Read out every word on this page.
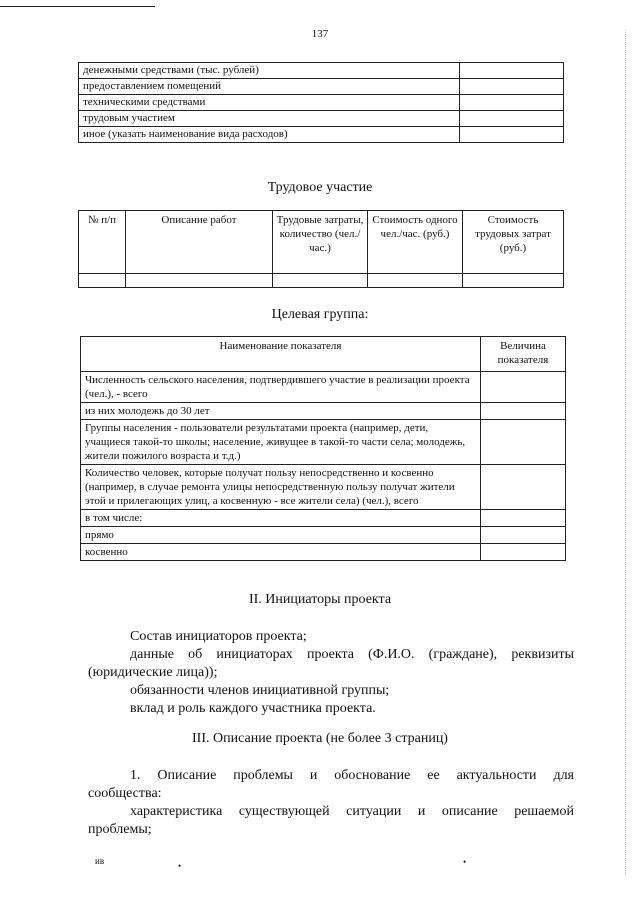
137
денежными средствами (тыс. рублей)	
предоставлением помещений	
техническими средствами	
трудовым участием	
иное (указать наименование вида расходов)	
Трудовое участие
№ п/п	Описание работ	Трудовые затраты, количество (чел./час.)	Стоимость одного чел./час. (руб.)	Стоимость трудовых затрат (руб.)

Целевая группа:
Наименование показателя	Величина показателя
Численность сельского населения, подтвердившего участие в реализации проекта (чел.), - всего	
из них молодежь до 30 лет	
Группы населения - пользователи результатами проекта (например, дети, учащиеся такой-то школы; население, живущее в такой-то части села; молодежь, жители пожилого возраста и т.д.)	
Количество человек, которые получат пользу непосредственно и косвенно (например, в случае ремонта улицы непосредственную пользу получат жители этой и прилегающих улиц, а косвенную - все жители села) (чел.), всего	
в том числе:	
прямо	
косвенно	
II. Инициаторы проекта
Состав инициаторов проекта;
данные об инициаторах проекта (Ф.И.О. (граждане), реквизиты
(юридические лица));
обязанности членов инициативной группы;
вклад и роль каждого участника проекта.
III. Описание проекта (не более 3 страниц)
1. Описание проблемы и обоснование ее актуальности для
сообщества:
характеристика существующей ситуации и описание решаемой
проблемы;
ив	•	•
